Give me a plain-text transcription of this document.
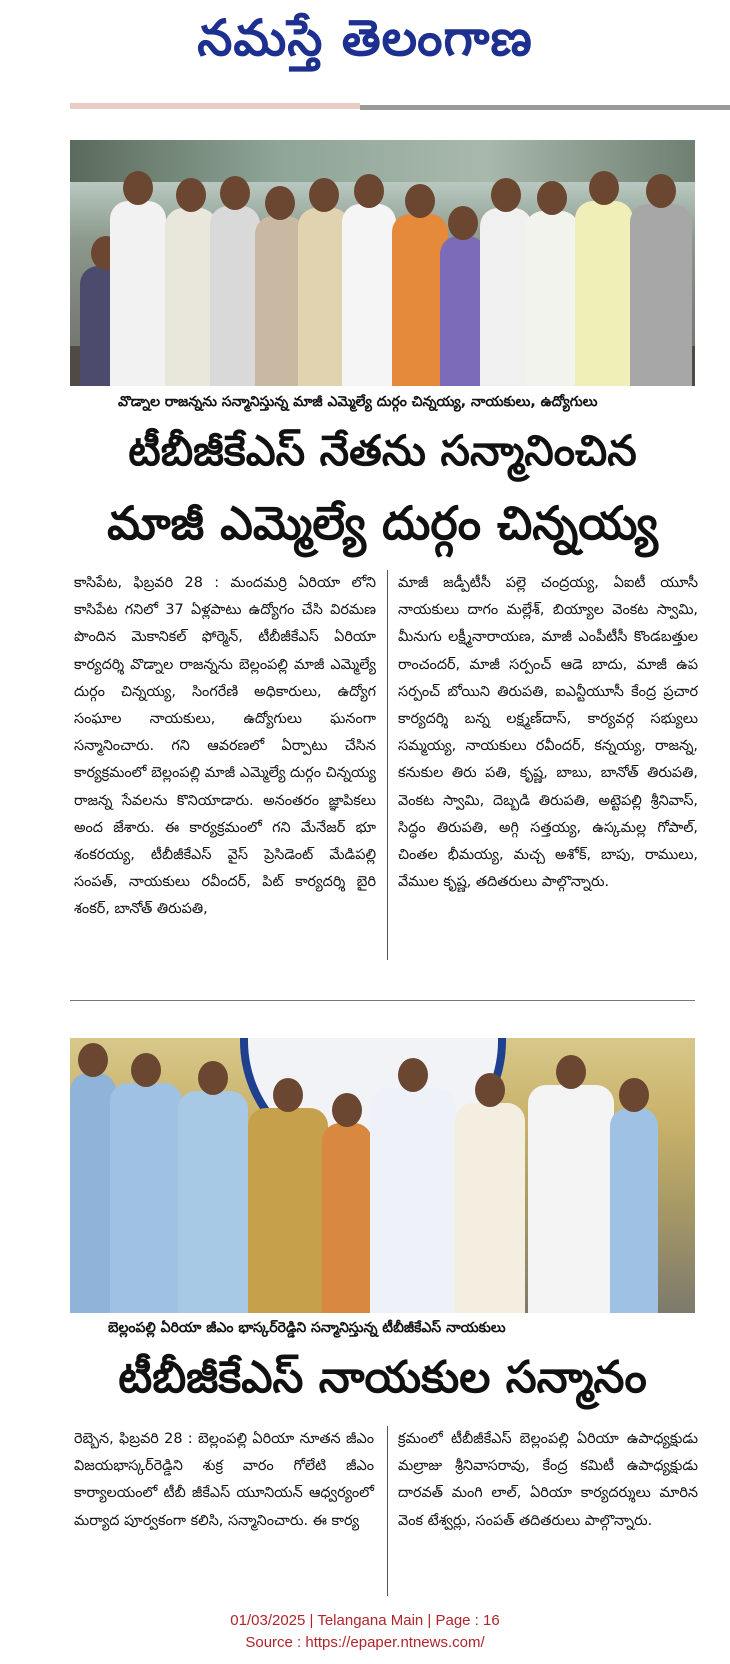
నమస్తే తెలంగాణ
వొడ్నాల రాజన్నను సన్మానిస్తున్న మాజీ ఎమ్మెల్యే దుర్గం చిన్నయ్య, నాయకులు, ఉద్యోగులు
టీబీజీకేఎస్ నేతను సన్మానించిన
మాజీ ఎమ్మెల్యే దుర్గం చిన్నయ్య
కాసిపేట, ఫిబ్రవరి 28 : మందమర్రి ఏరియా లోని కాసిపేట గనిలో 37 ఏళ్లపాటు ఉద్యోగం చేసి విరమణ పొందిన మెకానికల్ ఫోర్మెన్, టీబీజీకేఎస్ ఏరియా కార్యదర్శి వొడ్నాల రాజన్నను బెల్లంపల్లి మాజీ ఎమ్మెల్యే దుర్గం చిన్నయ్య, సింగరేణి అధికారులు, ఉద్యోగ సంఘాల నాయకులు, ఉద్యోగులు ఘనంగా సన్మానించారు. గని ఆవరణలో ఏర్పాటు చేసిన కార్యక్రమంలో బెల్లంపల్లి మాజీ ఎమ్మెల్యే దుర్గం చిన్నయ్య రాజన్న సేవలను కొనియాడారు. అనంతరం జ్ఞాపికలు అంద జేశారు. ఈ కార్యక్రమంలో గని మేనేజర్ భూ శంకరయ్య, టీబీజీకేఎస్ వైస్ ప్రెసిడెంట్ మేడిపల్లి సంపత్, నాయకులు రవీందర్, పిట్ కార్యదర్శి బైరి శంకర్, బానోత్ తిరుపతి,
మాజీ జడ్పీటీసీ పల్లె చంద్రయ్య, ఏఐటీ యూసీ నాయకులు దాగం మల్లేశ్, బియ్యాల వెంకట స్వామి, మీనుగు లక్ష్మీనారాయణ, మాజీ ఎంపీటీసీ కొండబత్తుల రాంచందర్, మాజీ సర్పంచ్ ఆడె బాదు, మాజీ ఉప సర్పంచ్ బోయిని తిరుపతి, ఐఎన్టీయూసీ కేంద్ర ప్రచార కార్యదర్శి బన్న లక్ష్మణ్‌దాస్, కార్యవర్గ సభ్యులు సమ్మయ్య, నాయకులు రవీందర్, కన్నయ్య, రాజన్న, కనుకుల తిరు పతి, కృష్ణ, బాబు, బానోత్ తిరుపతి, వెంకట స్వామి, దెబ్బడి తిరుపతి, అట్టెపల్లి శ్రీనివాస్, సిద్ధం తిరుపతి, అగ్గి సత్తయ్య, ఉస్కమల్ల గోపాల్, చింతల భీమయ్య, మచ్చ అశోక్, బాపు, రాములు, వేముల కృష్ణ, తదితరులు పాల్గొన్నారు.
బెల్లంపల్లి ఏరియా జీఎం భాస్కర్‌రెడ్డిని సన్మానిస్తున్న టీబీజీకేఎస్ నాయకులు
టీబీజీకేఎస్ నాయకుల సన్మానం
రెబ్బెన, ఫిబ్రవరి 28 : బెల్లంపల్లి ఏరియా నూతన జీఎం విజయభాస్కర్‌రెడ్డిని శుక్ర వారం గోలేటి జీఎం కార్యాలయంలో టీబీ జీకేఎస్ యూనియన్ ఆధ్వర్యంలో మర్యాద పూర్వకంగా కలిసి, సన్మానించారు. ఈ కార్య
క్రమంలో టీబీజీకేఎస్ బెల్లంపల్లి ఏరియా ఉపాధ్యక్షుడు మల్రాజు శ్రీనివాసరావు, కేంద్ర కమిటీ ఉపాధ్యక్షుడు దారవత్ మంగి లాల్, ఏరియా కార్యదర్శులు మారిన వెంక టేశ్వర్లు, సంపత్ తదితరులు పాల్గొన్నారు.
01/03/2025 | Telangana Main | Page : 16
Source : https://epaper.ntnews.com/
